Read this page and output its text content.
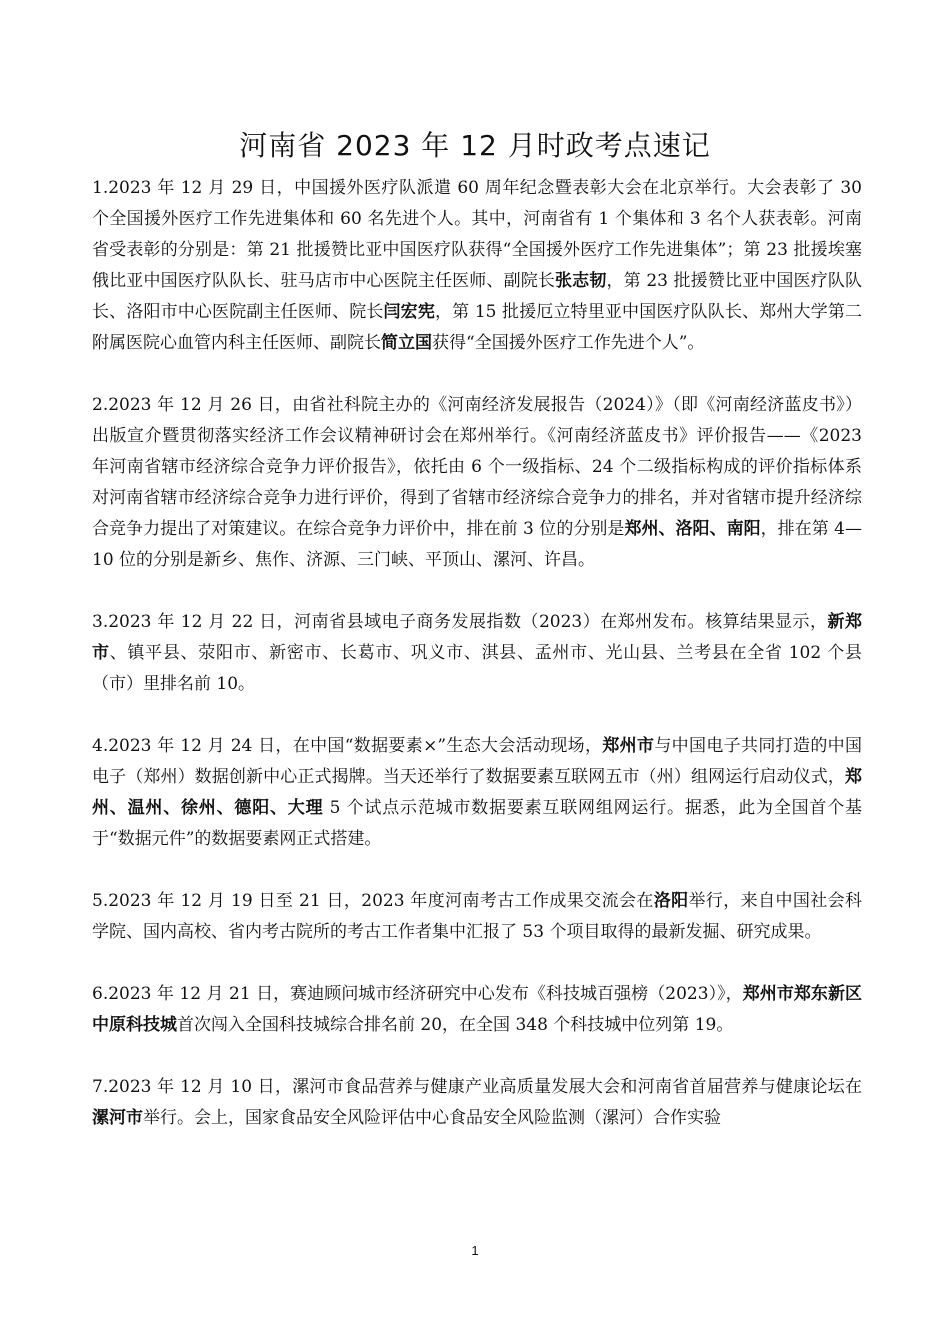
河南省 2023 年 12 月时政考点速记

1.2023 年 12 月 29 日，中国援外医疗队派遣 60 周年纪念暨表彰大会在北京举行。大会表彰了 30 个全国援外医疗工作先进集体和 60 名先进个人。其中，河南省有 1 个集体和 3 名个人获表彰。河南省受表彰的分别是：第 21 批援赞比亚中国医疗队获得“全国援外医疗工作先进集体”；第 23 批援埃塞俄比亚中国医疗队队长、驻马店市中心医院主任医师、副院长张志韧，第 23 批援赞比亚中国医疗队队长、洛阳市中心医院副主任医师、院长闫宏宪，第 15 批援厄立特里亚中国医疗队队长、郑州大学第二附属医院心血管内科主任医师、副院长简立国获得“全国援外医疗工作先进个人”。

2.2023 年 12 月 26 日，由省社科院主办的《河南经济发展报告（2024）》（即《河南经济蓝皮书》）出版宣介暨贯彻落实经济工作会议精神研讨会在郑州举行。《河南经济蓝皮书》评价报告——《2023 年河南省辖市经济综合竞争力评价报告》，依托由 6 个一级指标、24 个二级指标构成的评价指标体系对河南省辖市经济综合竞争力进行评价，得到了省辖市经济综合竞争力的排名，并对省辖市提升经济综合竞争力提出了对策建议。在综合竞争力评价中，排在前 3 位的分别是郑州、洛阳、南阳，排在第 4—10 位的分别是新乡、焦作、济源、三门峡、平顶山、漯河、许昌。

3.2023 年 12 月 22 日，河南省县域电子商务发展指数（2023）在郑州发布。核算结果显示，新郑市、镇平县、荥阳市、新密市、长葛市、巩义市、淇县、孟州市、光山县、兰考县在全省 102 个县（市）里排名前 10。

4.2023 年 12 月 24 日，在中国“数据要素×”生态大会活动现场，郑州市与中国电子共同打造的中国电子（郑州）数据创新中心正式揭牌。当天还举行了数据要素互联网五市（州）组网运行启动仪式，郑州、温州、徐州、德阳、大理 5 个试点示范城市数据要素互联网组网运行。据悉，此为全国首个基于“数据元件”的数据要素网正式搭建。

5.2023 年 12 月 19 日至 21 日，2023 年度河南考古工作成果交流会在洛阳举行，来自中国社会科学院、国内高校、省内考古院所的考古工作者集中汇报了 53 个项目取得的最新发掘、研究成果。

6.2023 年 12 月 21 日，赛迪顾问城市经济研究中心发布《科技城百强榜（2023）》，郑州市郑东新区中原科技城首次闯入全国科技城综合排名前 20，在全国 348 个科技城中位列第 19。

7.2023 年 12 月 10 日，漯河市食品营养与健康产业高质量发展大会和河南省首届营养与健康论坛在漯河市举行。会上，国家食品安全风险评估中心食品安全风险监测（漯河）合作实验

1
